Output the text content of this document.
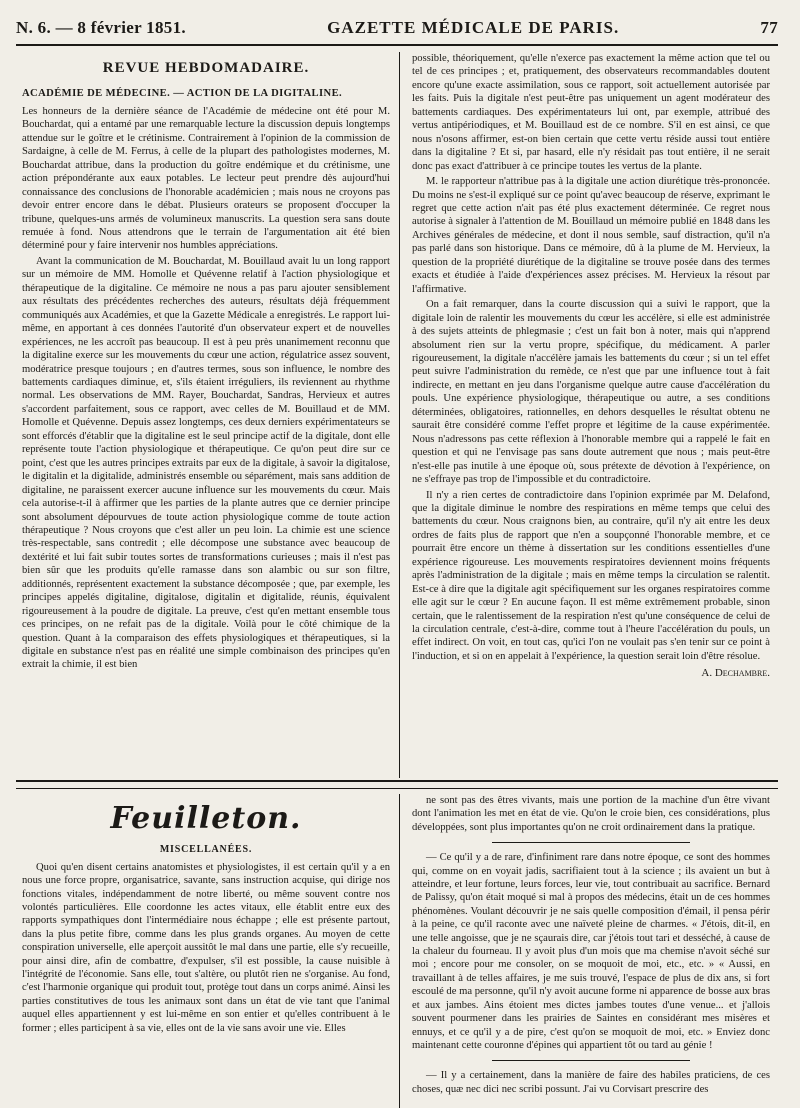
N. 6. — 8 février 1851.	GAZETTE MÉDICALE DE PARIS.	77
REVUE HEBDOMADAIRE.
ACADÉMIE DE MÉDECINE. — ACTION DE LA DIGITALINE.

Les honneurs de la dernière séance de l'Académie de médecine ont été pour M. Bouchardat, qui a entamé par une remarquable lecture la discussion depuis longtemps attendue sur le goître et le crétinisme. Contrairement à l'opinion de la commission de Sardaigne, à celle de M. Ferrus, à celle de la plupart des pathologistes modernes, M. Bouchardat attribue, dans la production du goître endémique et du crétinisme, une action prépondérante aux eaux potables. Le lecteur peut prendre dès aujourd'hui connaissance des conclusions de l'honorable académicien ; mais nous ne croyons pas devoir entrer encore dans le débat. Plusieurs orateurs se proposent d'occuper la tribune, quelques-uns armés de volumineux manuscrits. La question sera sans doute remuée à fond. Nous attendrons que le terrain de l'argumentation ait été bien déterminé pour y faire intervenir nos humbles appréciations.

Avant la communication de M. Bouchardat, M. Bouillaud avait lu un long rapport sur un mémoire de MM. Homolle et Quévenne relatif à l'action physiologique et thérapeutique de la digitaline. Ce mémoire ne nous a pas paru ajouter sensiblement aux résultats des précédentes recherches des auteurs, résultats déjà fréquemment communiqués aux Académies, et que la Gazette Médicale a enregistrés. Le rapport lui-même, en apportant à ces données l'autorité d'un observateur expert et de nouvelles expériences, ne les accroît pas beaucoup. Il est à peu près unanimement reconnu que la digitaline exerce sur les mouvements du cœur une action, régulatrice assez souvent, modératrice presque toujours ; en d'autres termes, sous son influence, le nombre des battements cardiaques diminue, et, s'ils étaient irréguliers, ils reviennent au rhythme normal. Les observations de MM. Rayer, Bouchardat, Sandras, Hervieux et autres s'accordent parfaitement, sous ce rapport, avec celles de M. Bouillaud et de MM. Homolle et Quévenne. Depuis assez longtemps, ces deux derniers expérimentateurs se sont efforcés d'établir que la digitaline est le seul principe actif de la digitale, dont elle représente toute l'action physiologique et thérapeutique. Ce qu'on peut dire sur ce point, c'est que les autres principes extraits par eux de la digitale, à savoir la digitalose, le digitalin et la digitalide, administrés ensemble ou séparément, mais sans addition de digitaline, ne paraissent exercer aucune influence sur les mouvements du cœur. Mais cela autorise-t-il à affirmer que les parties de la plante autres que ce dernier principe sont absolument dépourvues de toute action physiologique comme de toute action thérapeutique ? Nous croyons que c'est aller un peu loin. La chimie est une science très-respectable, sans contredit ; elle décompose une substance avec beaucoup de dextérité et lui fait subir toutes sortes de transformations curieuses ; mais il n'est pas bien sûr que les produits qu'elle ramasse dans son alambic ou sur son filtre, additionnés, représentent exactement la substance décomposée ; que, par exemple, les principes appelés digitaline, digitalose, digitalin et digitalide, réunis, équivalent rigoureusement à la poudre de digitale. La preuve, c'est qu'en mettant ensemble tous ces principes, on ne refait pas de la digitale. Voilà pour le côté chimique de la question. Quant à la comparaison des effets physiologiques et thérapeutiques, si la digitale en substance n'est pas en réalité une simple combinaison des principes qu'en extrait la chimie, il est bien

possible, théoriquement, qu'elle n'exerce pas exactement la même action que tel ou tel de ces principes ; et, pratiquement, des observateurs recommandables doutent encore qu'une exacte assimilation, sous ce rapport, soit actuellement autorisée par les faits. Puis la digitale n'est peut-être pas uniquement un agent modérateur des battements cardiaques. Des expérimentateurs lui ont, par exemple, attribué des vertus antipériodiques, et M. Bouillaud est de ce nombre. S'il en est ainsi, ce que nous n'osons affirmer, est-on bien certain que cette vertu réside aussi tout entière dans la digitaline ? Et si, par hasard, elle n'y résidait pas tout entière, il ne serait donc pas exact d'attribuer à ce principe toutes les vertus de la plante.

M. le rapporteur n'attribue pas à la digitale une action diurétique très-prononcée. Du moins ne s'est-il expliqué sur ce point qu'avec beaucoup de réserve, exprimant le regret que cette action n'ait pas été plus exactement déterminée. Ce regret nous autorise à signaler à l'attention de M. Bouillaud un mémoire publié en 1848 dans les Archives générales de médecine, et dont il nous semble, sauf distraction, qu'il n'a pas parlé dans son historique. Dans ce mémoire, dû à la plume de M. Hervieux, la question de la propriété diurétique de la digitaline se trouve posée dans des termes exacts et étudiée à l'aide d'expériences assez précises. M. Hervieux la résout par l'affirmative.

On a fait remarquer, dans la courte discussion qui a suivi le rapport, que la digitale loin de ralentir les mouvements du cœur les accélère, si elle est administrée à des sujets atteints de phlegmasie ; c'est un fait bon à noter, mais qui n'apprend absolument rien sur la vertu propre, spécifique, du médicament. A parler rigoureusement, la digitale n'accélère jamais les battements du cœur ; si un tel effet peut suivre l'administration du remède, ce n'est que par une influence tout à fait indirecte, en mettant en jeu dans l'organisme quelque autre cause d'accélération du pouls. Une expérience physiologique, thérapeutique ou autre, a ses conditions déterminées, obligatoires, rationnelles, en dehors desquelles le résultat obtenu ne saurait être considéré comme l'effet propre et légitime de la cause expérimentée. Nous n'adressons pas cette réflexion à l'honorable membre qui a rappelé le fait en question et qui ne l'envisage pas sans doute autrement que nous ; mais peut-être n'est-elle pas inutile à une époque où, sous prétexte de dévotion à l'expérience, on ne s'effraye pas trop de l'impossible et du contradictoire.

Il n'y a rien certes de contradictoire dans l'opinion exprimée par M. Delafond, que la digitale diminue le nombre des respirations en même temps que celui des battements du cœur. Nous craignons bien, au contraire, qu'il n'y ait entre les deux ordres de faits plus de rapport que n'en a soupçonné l'honorable membre, et ce pourrait être encore un thème à dissertation sur les conditions essentielles d'une expérience rigoureuse. Les mouvements respiratoires deviennent moins fréquents après l'administration de la digitale ; mais en même temps la circulation se ralentit. Est-ce à dire que la digitale agit spécifiquement sur les organes respiratoires comme elle agit sur le cœur ? En aucune façon. Il est même extrêmement probable, sinon certain, que le ralentissement de la respiration n'est qu'une conséquence de celui de la circulation centrale, c'est-à-dire, comme tout à l'heure l'accélération du pouls, un effet indirect. On voit, en tout cas, qu'ici l'on ne voulait pas s'en tenir sur ce point à l'induction, et si on en appelait à l'expérience, la question serait loin d'être résolue.

A. Dechambre.
Feuilleton.
MISCELLANÉES.

Quoi qu'en disent certains anatomistes et physiologistes, il est certain qu'il y a en nous une force propre, organisatrice, savante, sans instruction acquise, qui dirige nos fonctions vitales, indépendamment de notre liberté, ou même souvent contre nos volontés particulières. Elle coordonne les actes vitaux, elle établit entre eux des rapports sympathiques dont l'intermédiaire nous échappe ; elle est présente partout, dans la plus petite fibre, comme dans les plus grands organes. Au moyen de cette conspiration universelle, elle aperçoit aussitôt le mal dans une partie, elle s'y recueille, pour ainsi dire, afin de combattre, d'expulser, s'il est possible, la cause nuisible à l'intégrité de l'économie. Sans elle, tout s'altère, ou plutôt rien ne s'organise. Au fond, c'est l'harmonie organique qui produit tout, protège tout dans un corps animé. Ainsi les parties constitutives de tous les animaux sont dans un état de vie tant que l'animal auquel elles appartiennent y est lui-même en son entier et qu'elles contribuent à le former ; elles participent à sa vie, elles ont de la vie sans avoir une vie. Elles

ne sont pas des êtres vivants, mais une portion de la machine d'un être vivant dont l'animation les met en état de vie. Qu'on le croie bien, ces considérations, plus développées, sont plus importantes qu'on ne croit ordinairement dans la pratique.

— Ce qu'il y a de rare, d'infiniment rare dans notre époque, ce sont des hommes qui, comme on en voyait jadis, sacrifiaient tout à la science ; ils avaient un but à atteindre, et leur fortune, leurs forces, leur vie, tout contribuait au sacrifice. Bernard de Palissy, qu'on était moqué si mal à propos des médecins, était un de ces hommes phénomènes. Voulant découvrir je ne sais quelle composition d'émail, il pensa périr à la peine, ce qu'il raconte avec une naïveté pleine de charmes. « J'étois, dit-il, en une telle angoisse, que je ne sçaurais dire, car j'étois tout tari et desséché, à cause de la chaleur du fourneau. Il y avoit plus d'un mois que ma chemise n'avoit séché sur moi ; encore pour me consoler, on se moquoit de moi, etc., etc. » « Aussi, en travaillant à de telles affaires, je me suis trouvé, l'espace de plus de dix ans, si fort escoulé de ma personne, qu'il n'y avoit aucune forme ni apparence de bosse aux bras et aux jambes. Ains étoient mes dictes jambes toutes d'une venue... et j'allois souvent pourmener dans les prairies de Saintes en considérant mes misères et ennuys, et ce qu'il y a de pire, c'est qu'on se moquoit de moi, etc. » Enviez donc maintenant cette couronne d'épines qui appartient tôt ou tard au génie !

— Il y a certainement, dans la manière de faire des habiles praticiens, de ces choses, quæ nec dici nec scribi possunt. J'ai vu Corvisart prescrire des
